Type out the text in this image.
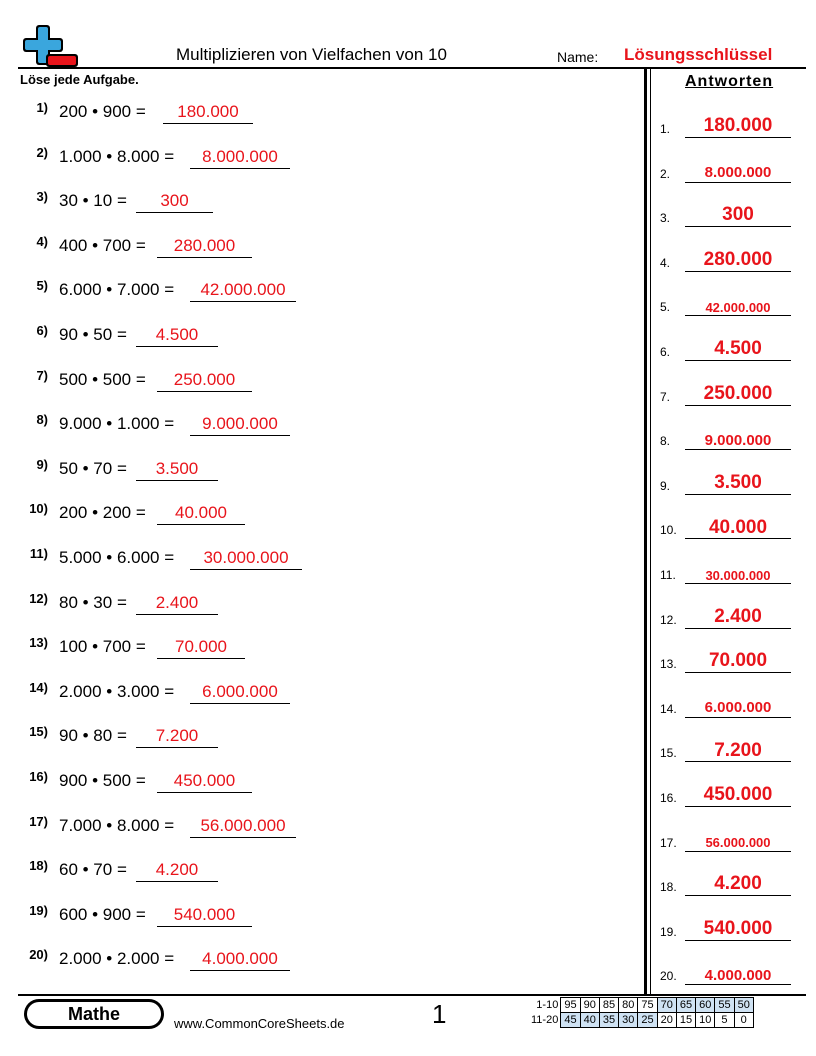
Multiplizieren von Vielfachen von 10	Name: Lösungsschlüssel
Löse jede Aufgabe.	Antworten
1) 200 • 900 =	180.000
2) 1.000 • 8.000 =	8.000.000
3) 30 • 10 =	300
4) 400 • 700 =	280.000
5) 6.000 • 7.000 =	42.000.000
6) 90 • 50 =	4.500
7) 500 • 500 =	250.000
8) 9.000 • 1.000 =	9.000.000
9) 50 • 70 =	3.500
10) 200 • 200 =	40.000
11) 5.000 • 6.000 =	30.000.000
12) 80 • 30 =	2.400
13) 100 • 700 =	70.000
14) 2.000 • 3.000 =	6.000.000
15) 90 • 80 =	7.200
16) 900 • 500 =	450.000
17) 7.000 • 8.000 =	56.000.000
18) 60 • 70 =	4.200
19) 600 • 900 =	540.000
20) 2.000 • 2.000 =	4.000.000
1.	180.000
2.	8.000.000
3.	300
4.	280.000
5.	42.000.000
6.	4.500
7.	250.000
8.	9.000.000
9.	3.500
10.	40.000
11.	30.000.000
12.	2.400
13.	70.000
14.	6.000.000
15.	7.200
16.	450.000
17.	56.000.000
18.	4.200
19.	540.000
20.	4.000.000
Mathe	www.CommonCoreSheets.de	1	1-10	95	90	85	80	75	70	65	60	55	50
11-20	45	40	35	30	25	20	15	10	5	0
